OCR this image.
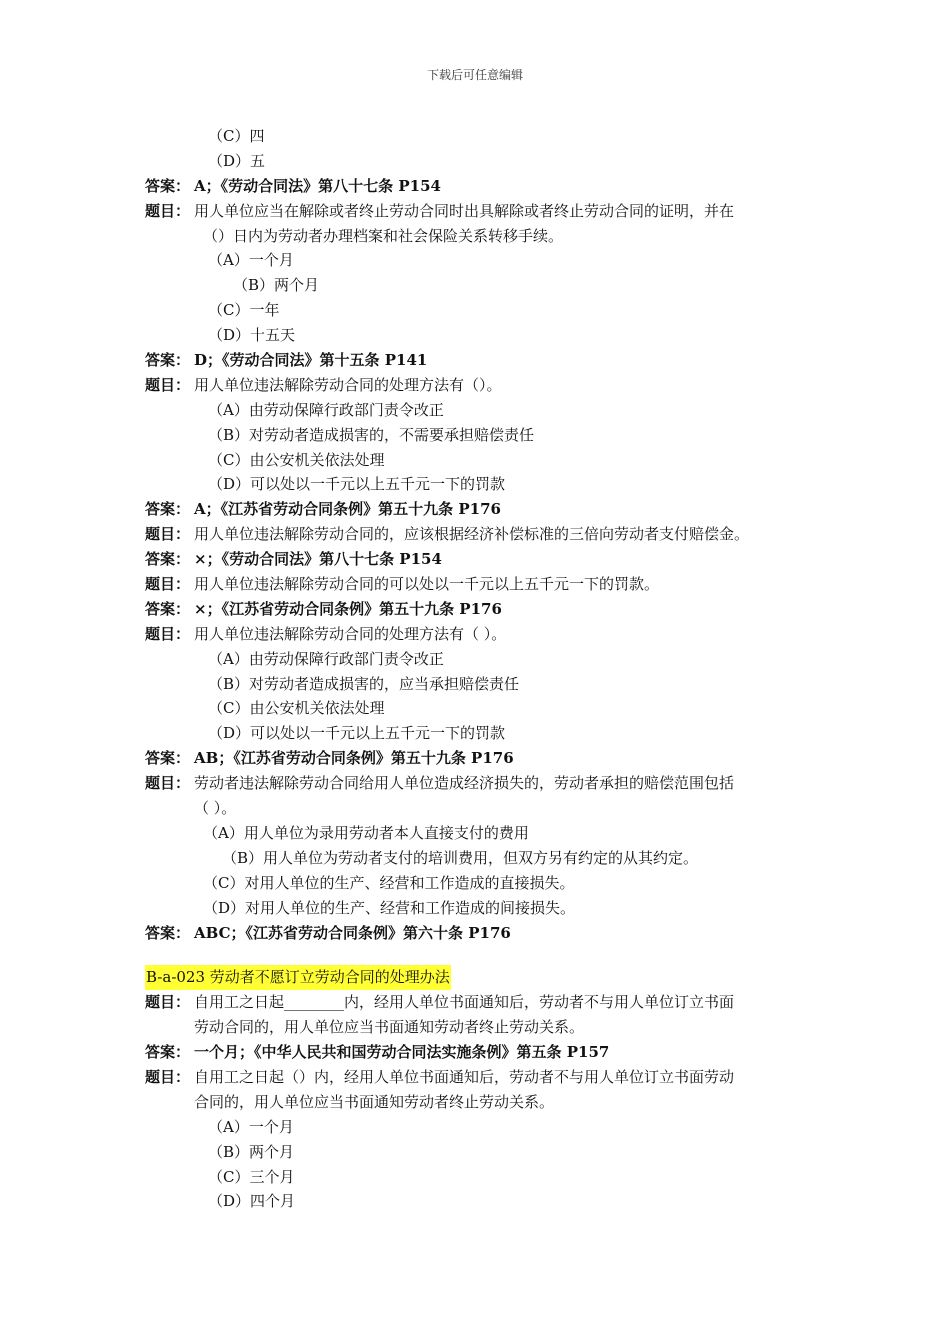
下载后可任意编辑
（C）四
（D）五
答案： A；《劳动合同法》第八十七条 P154
题目： 用人单位应当在解除或者终止劳动合同时出具解除或者终止劳动合同的证明，并在
（）日内为劳动者办理档案和社会保险关系转移手续。
（A）一个月
（B）两个月
（C）一年
（D）十五天
答案： D；《劳动合同法》第十五条 P141
题目： 用人单位违法解除劳动合同的处理方法有（）。
（A）由劳动保障行政部门责令改正
（B）对劳动者造成损害的，不需要承担赔偿责任
（C）由公安机关依法处理
（D）可以处以一千元以上五千元一下的罚款
答案： A；《江苏省劳动合同条例》第五十九条 P176
题目： 用人单位违法解除劳动合同的，应该根据经济补偿标准的三倍向劳动者支付赔偿金。
答案： ×；《劳动合同法》第八十七条 P154
题目： 用人单位违法解除劳动合同的可以处以一千元以上五千元一下的罚款。
答案： ×；《江苏省劳动合同条例》第五十九条 P176
题目： 用人单位违法解除劳动合同的处理方法有（ ）。
（A）由劳动保障行政部门责令改正
（B）对劳动者造成损害的，应当承担赔偿责任
（C）由公安机关依法处理
（D）可以处以一千元以上五千元一下的罚款
答案： AB；《江苏省劳动合同条例》第五十九条 P176
题目： 劳动者违法解除劳动合同给用人单位造成经济损失的，劳动者承担的赔偿范围包括
（ ）。
（A）用人单位为录用劳动者本人直接支付的费用
（B）用人单位为劳动者支付的培训费用，但双方另有约定的从其约定。
（C）对用人单位的生产、经营和工作造成的直接损失。
（D）对用人单位的生产、经营和工作造成的间接损失。
答案： ABC；《江苏省劳动合同条例》第六十条 P176
B-a-023 劳动者不愿订立劳动合同的处理办法
题目： 自用工之日起________内，经用人单位书面通知后，劳动者不与用人单位订立书面
劳动合同的，用人单位应当书面通知劳动者终止劳动关系。
答案： 一个月；《中华人民共和国劳动合同法实施条例》第五条 P157
题目： 自用工之日起（）内，经用人单位书面通知后，劳动者不与用人单位订立书面劳动
合同的，用人单位应当书面通知劳动者终止劳动关系。
（A）一个月
（B）两个月
（C）三个月
（D）四个月
